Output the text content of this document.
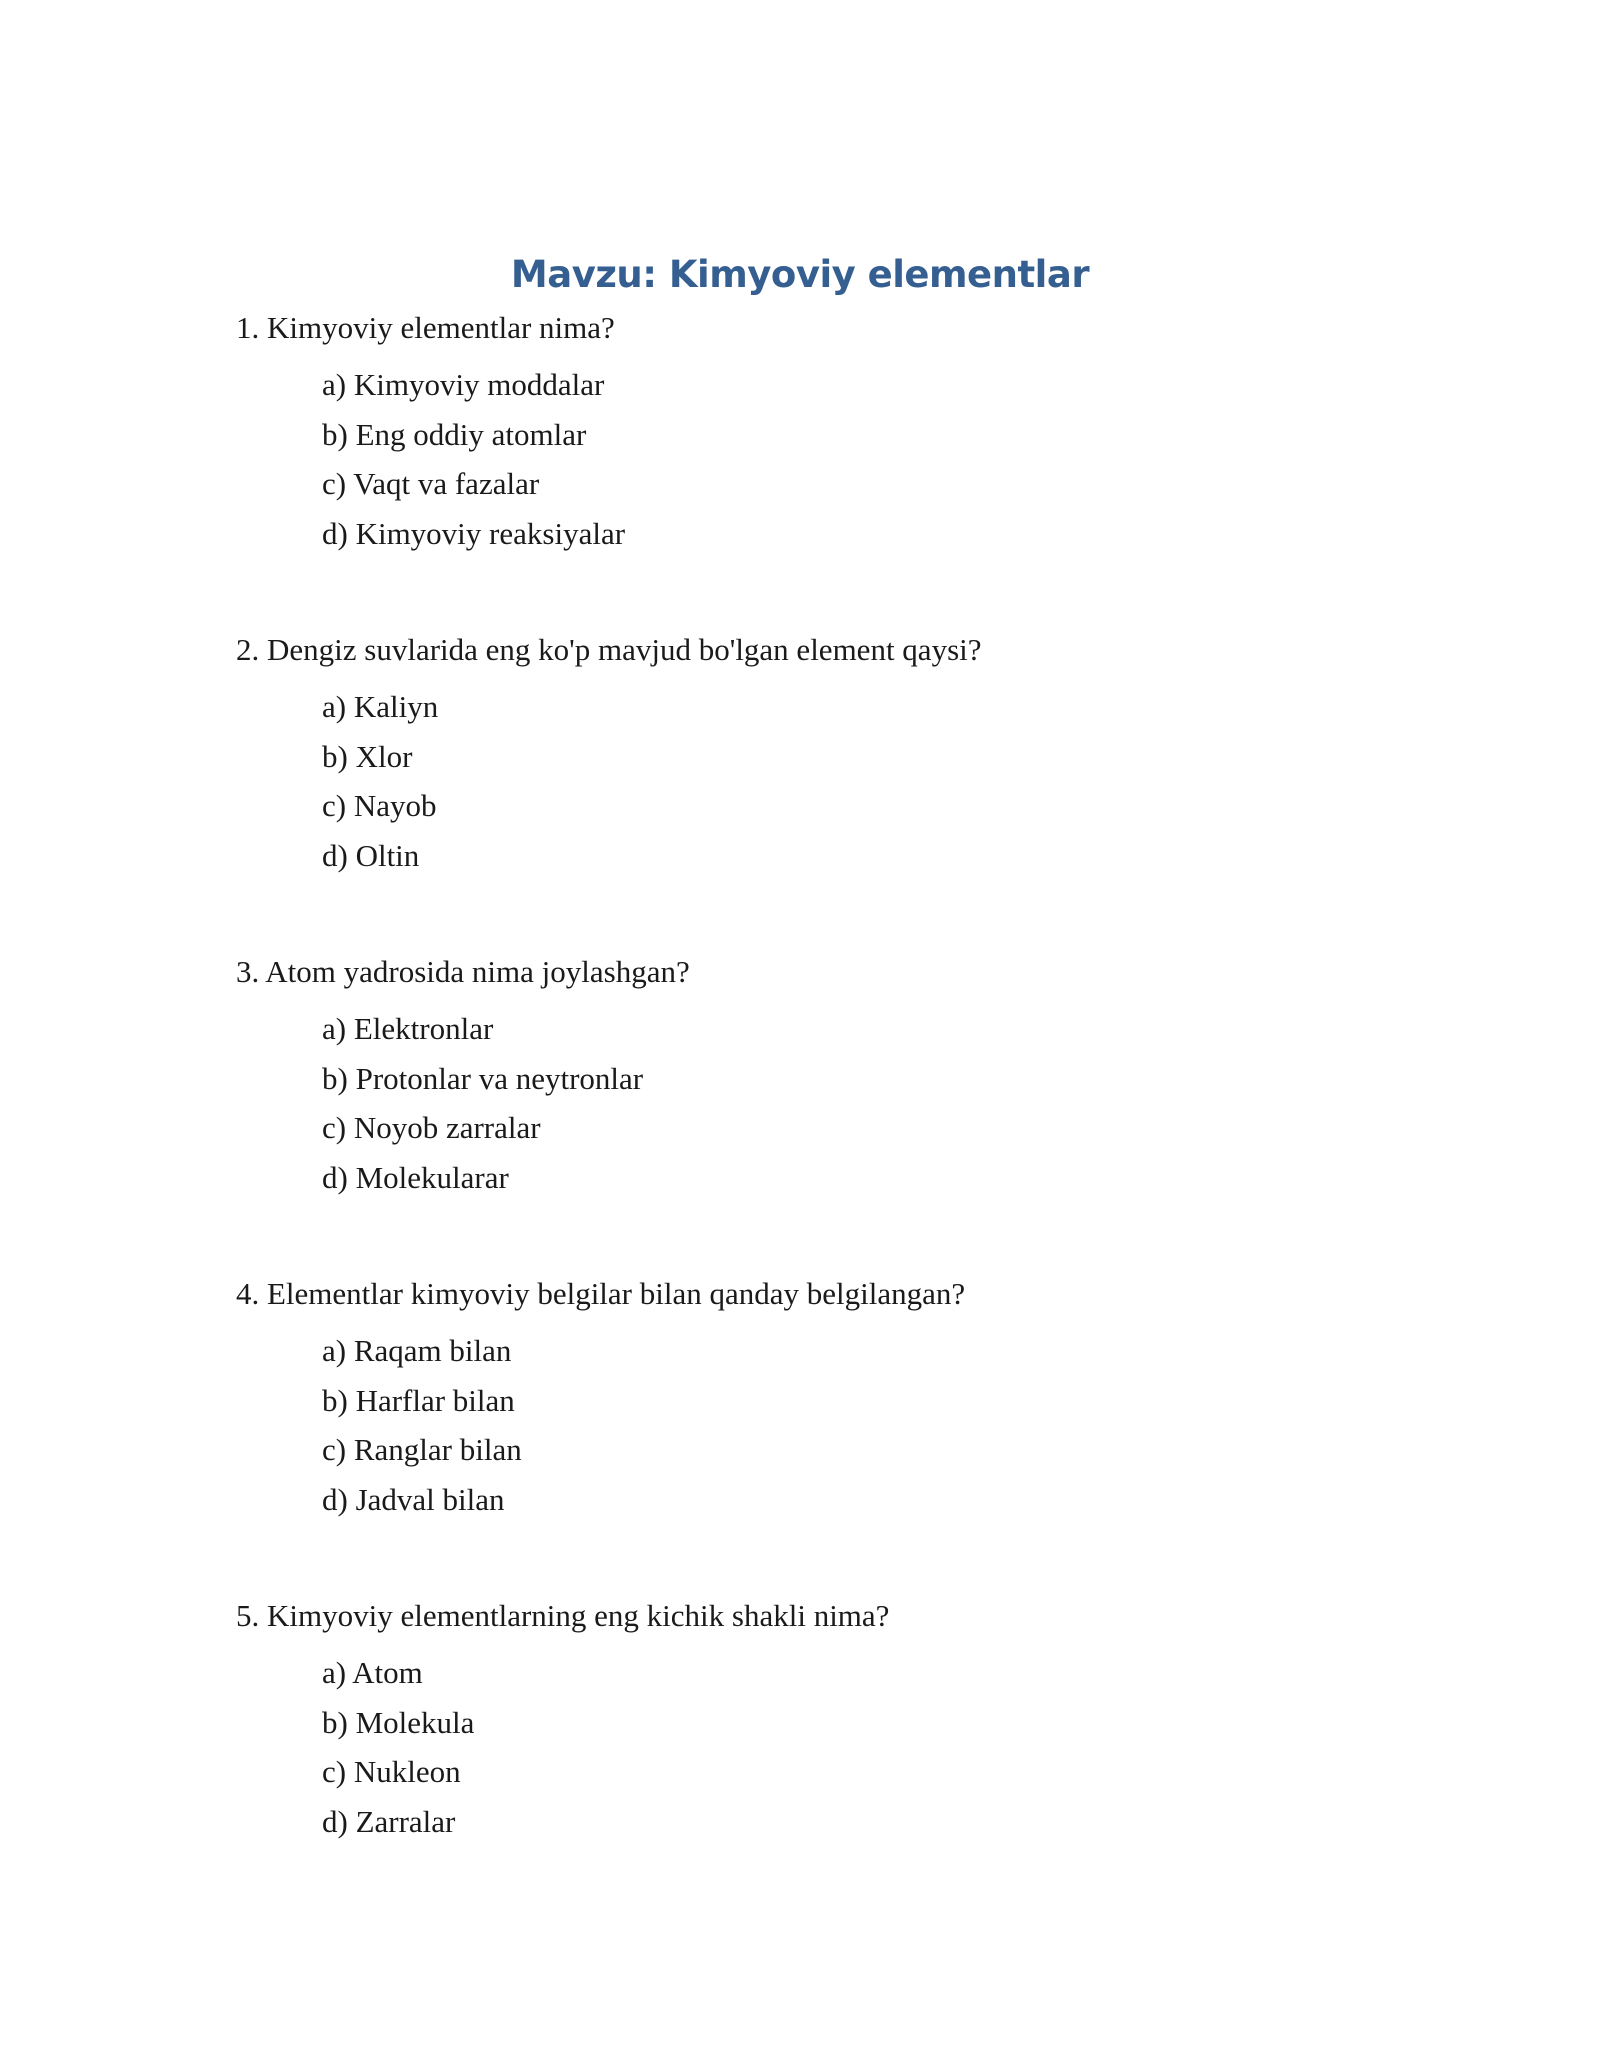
Mavzu: Kimyoviy elementlar

1. Kimyoviy elementlar nima?

a) Kimyoviy moddalar
b) Eng oddiy atomlar
c) Vaqt va fazalar
d) Kimyoviy reaksiyalar

2. Dengiz suvlarida eng ko'p mavjud bo'lgan element qaysi?

a) Kaliyn
b) Xlor
c) Nayob
d) Oltin

3. Atom yadrosida nima joylashgan?

a) Elektronlar
b) Protonlar va neytronlar
c) Noyob zarralar
d) Molekularar

4. Elementlar kimyoviy belgilar bilan qanday belgilangan?

a) Raqam bilan
b) Harflar bilan
c) Ranglar bilan
d) Jadval bilan

5. Kimyoviy elementlarning eng kichik shakli nima?

a) Atom
b) Molekula
c) Nukleon
d) Zarralar
